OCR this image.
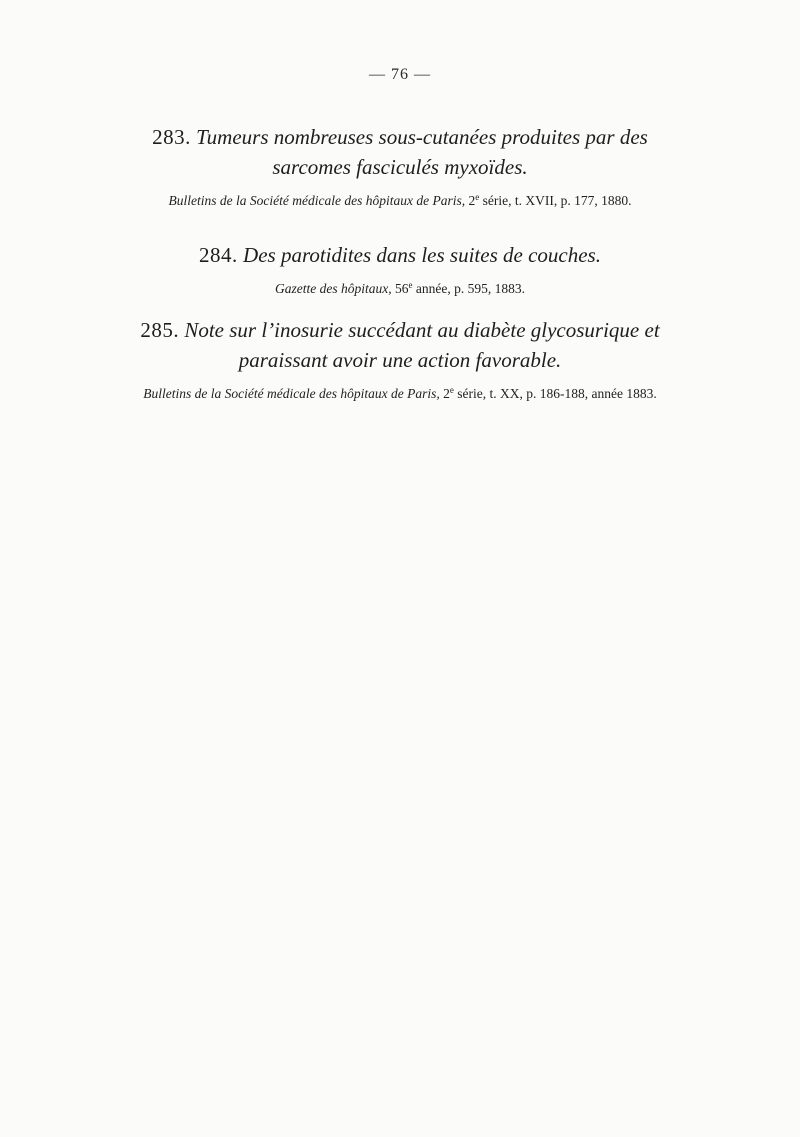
— 76 —
283. Tumeurs nombreuses sous-cutanées produites par des sarcomes fasciculés myxoïdes.
Bulletins de la Société médicale des hôpitaux de Paris, 2e série, t. XVII, p. 177, 1880.
284. Des parotidites dans les suites de couches.
Gazette des hôpitaux, 56e année, p. 595, 1883.
285. Note sur l’inosurie succédant au diabète glycosurique et paraissant avoir une action favorable.
Bulletins de la Société médicale des hôpitaux de Paris, 2e série, t. XX, p. 186-188, année 1883.
